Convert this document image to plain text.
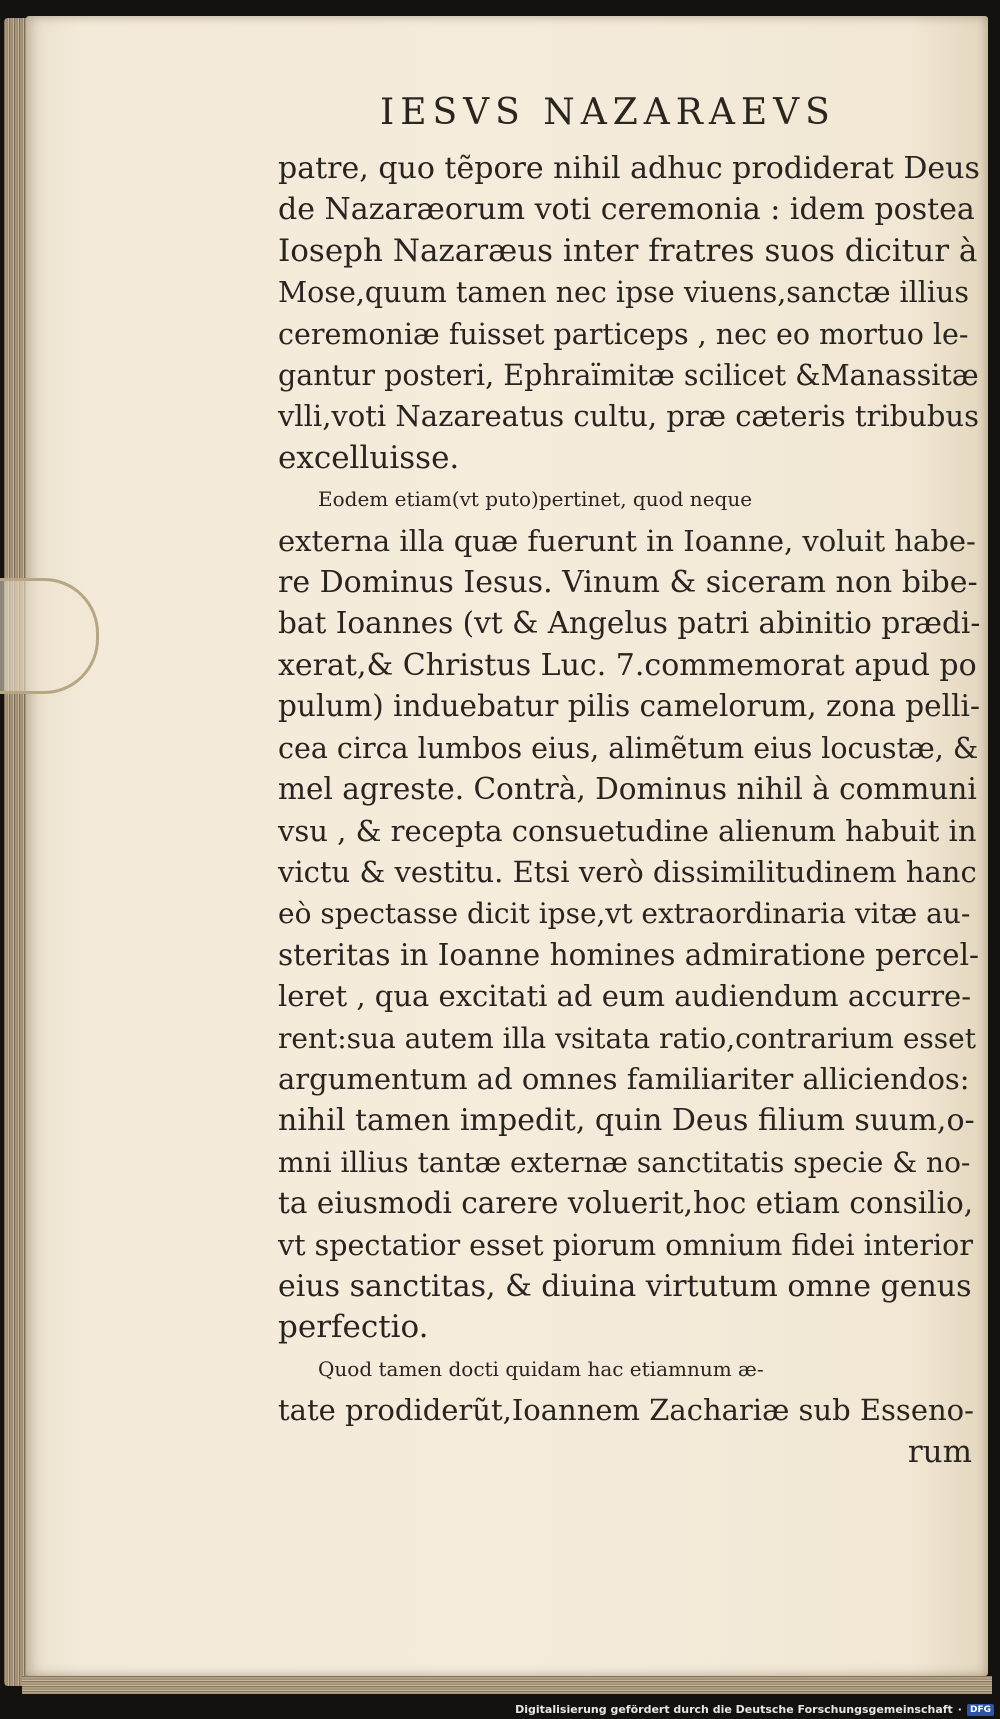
IESVS NAZARAEVS
patre, quo tẽpore nihil adhuc prodiderat Deus
de Nazaræorum voti ceremonia : idem postea
Ioseph Nazaræus inter fratres suos dicitur à
Mose,quum tamen nec ipse viuens,sanctæ illius
ceremoniæ fuisset particeps , nec eo mortuo le-
gantur posteri, Ephraïmitæ scilicet &Manassitæ
vlli,voti Nazareatus cultu, præ cæteris tribubus
excelluisse.
Eodem etiam(vt puto)pertinet, quod neque
externa illa quæ fuerunt in Ioanne, voluit habe-
re Dominus Iesus. Vinum & siceram non bibe-
bat Ioannes (vt & Angelus patri abinitio prædi-
xerat,& Christus Luc. 7.commemorat apud po
pulum) induebatur pilis camelorum, zona pelli-
cea circa lumbos eius, alimẽtum eius locustæ, &
mel agreste. Contrà, Dominus nihil à communi
vsu , & recepta consuetudine alienum habuit in
victu & vestitu. Etsi verò dissimilitudinem hanc
eò spectasse dicit ipse,vt extraordinaria vitæ au-
steritas in Ioanne homines admiratione percel-
leret , qua excitati ad eum audiendum accurre-
rent:sua autem illa vsitata ratio,contrarium esset
argumentum ad omnes familiariter alliciendos:
nihil tamen impedit, quin Deus filium suum,o-
mni illius tantæ externæ sanctitatis specie & no-
ta eiusmodi carere voluerit,hoc etiam consilio,
vt spectatior esset piorum omnium fidei interior
eius sanctitas, & diuina virtutum omne genus
perfectio.
Quod tamen docti quidam hac etiamnum æ-
tate prodiderũt,Ioannem Zachariæ sub Esseno-
rum
Digitalisierung gefördert durch die Deutsche Forschungsgemeinschaft · DFG
